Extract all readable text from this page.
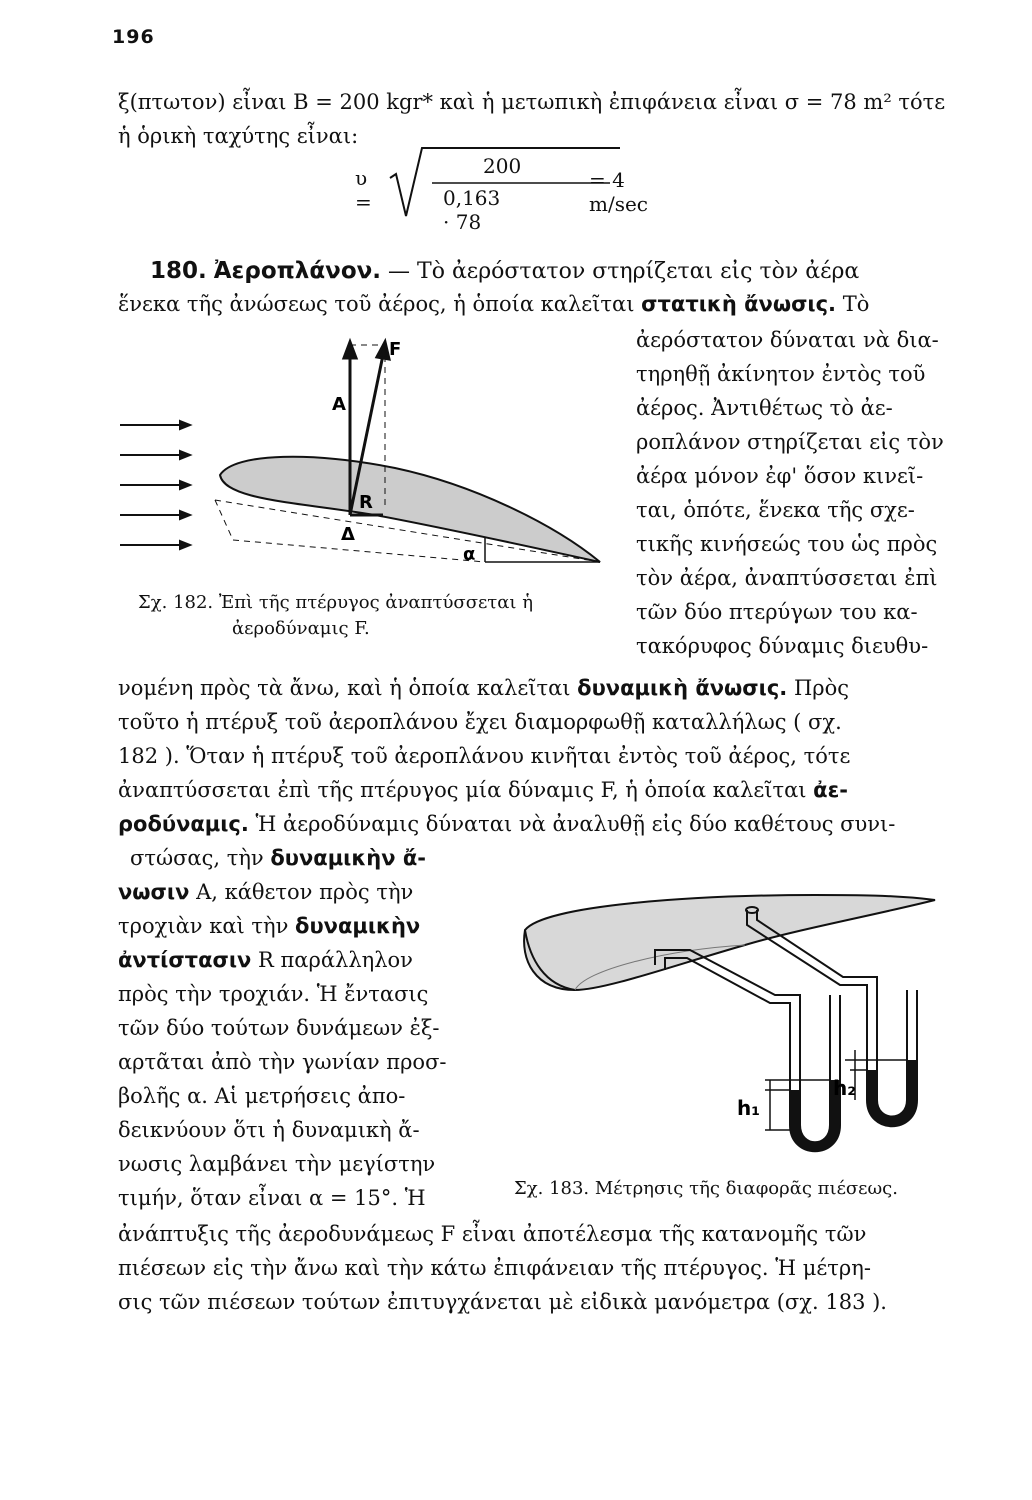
196
ξ(πτωτον) εἶναι Β = 200 kgr* καὶ ἡ μετωπικὴ ἐπιφάνεια εἶναι σ = 78 m² τότε
ἡ ὁρικὴ ταχύτης εἶναι:
υ =
200
0,163 · 78
= 4 m/sec
180. Ἀεροπλάνον. — Τὸ ἀερόστατον στηρίζεται εἰς τὸν ἀέρα
ἕνεκα τῆς ἀνώσεως τοῦ ἀέρος, ἡ ὁποία καλεῖται στατικὴ ἄνωσις. Τὸ
ἀερόστατον δύναται νὰ δια-
τηρηθῇ ἀκίνητον ἐντὸς τοῦ
ἀέρος. Ἀντιθέτως τὸ ἀε-
ροπλάνον στηρίζεται εἰς τὸν
ἀέρα μόνον ἐφ' ὅσον κινεῖ-
ται, ὁπότε, ἕνεκα τῆς σχε-
τικῆς κινήσεώς του ὡς πρὸς
τὸν ἀέρα, ἀναπτύσσεται ἐπὶ
τῶν δύο πτερύγων του κα-
τακόρυφος δύναμις διευθυ-
α
F
A
R
Δ
Σχ. 182. Ἐπὶ τῆς πτέρυγος ἀναπτύσσεται ἡ
ἀεροδύναμις F.
νομένη πρὸς τὰ ἄνω, καὶ ἡ ὁποία καλεῖται δυναμικὴ ἄνωσις. Πρὸς
τοῦτο ἡ πτέρυξ τοῦ ἀεροπλάνου ἔχει διαμορφωθῇ καταλλήλως ( σχ.
182 ). Ὅταν ἡ πτέρυξ τοῦ ἀεροπλάνου κινῆται ἐντὸς τοῦ ἀέρος, τότε
ἀναπτύσσεται ἐπὶ τῆς πτέρυγος μία δύναμις F, ἡ ὁποία καλεῖται ἀε-
ροδύναμις. Ἡ ἀεροδύναμις δύναται νὰ ἀναλυθῇ εἰς δύο καθέτους συνι-
στώσας, τὴν δυναμικὴν ἄ-
νωσιν Α, κάθετον πρὸς τὴν
τροχιὰν καὶ τὴν δυναμικὴν
ἀντίστασιν R παράλληλον
πρὸς τὴν τροχιάν. Ἡ ἔντασις
τῶν δύο τούτων δυνάμεων ἐξ-
αρτᾶται ἀπὸ τὴν γωνίαν προσ-
βολῆς α. Αἱ μετρήσεις ἀπο-
δεικνύουν ὅτι ἡ δυναμικὴ ἄ-
νωσις λαμβάνει τὴν μεγίστην
τιμήν, ὅταν εἶναι α = 15°. Ἡ
h₁
h₂
Σχ. 183. Μέτρησις τῆς διαφορᾶς πιέσεως.
ἀνάπτυξις τῆς ἀεροδυνάμεως F εἶναι ἀποτέλεσμα τῆς κατανομῆς τῶν
πιέσεων εἰς τὴν ἄνω καὶ τὴν κάτω ἐπιφάνειαν τῆς πτέρυγος. Ἡ μέτρη-
σις τῶν πιέσεων τούτων ἐπιτυγχάνεται μὲ εἰδικὰ μανόμετρα (σχ. 183 ).
